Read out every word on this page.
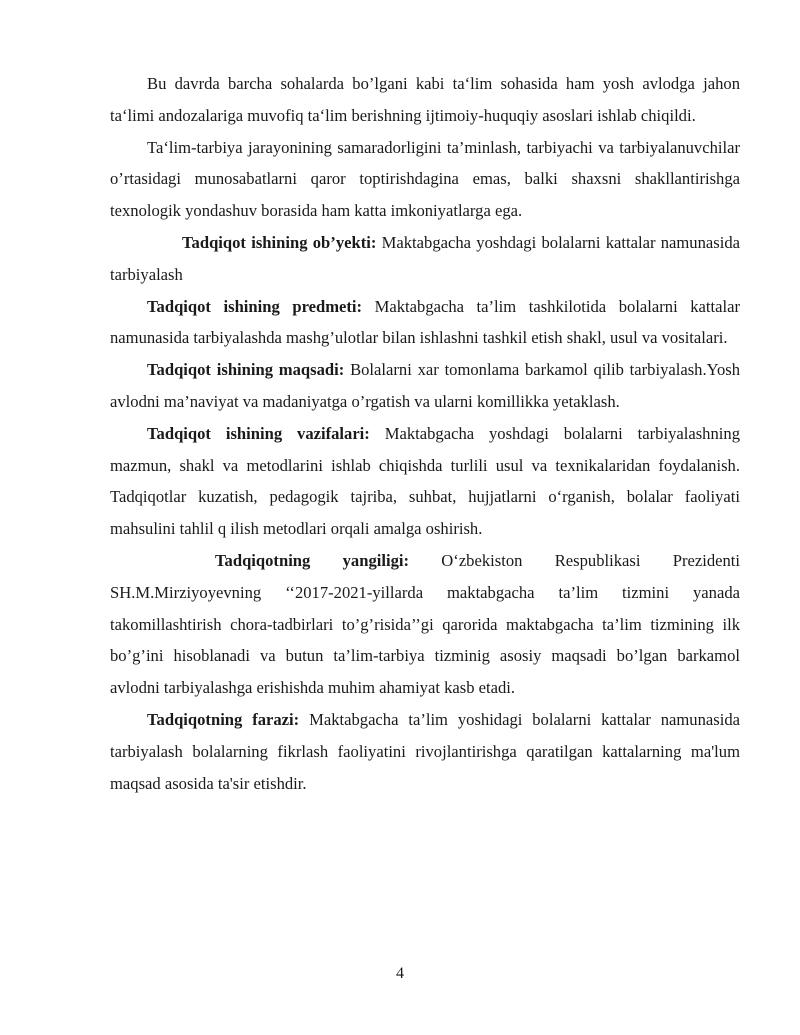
Bu davrda barcha sohalarda bo’lgani kabi ta‘lim sohasida ham yosh avlodga jahon ta‘limi andozalariga muvofiq ta‘lim berishning ijtimoiy-huquqiy asoslari ishlab chiqildi.

Ta‘lim-tarbiya jarayonining samaradorligini ta’minlash, tarbiyachi va tarbiyalanuvchilar o’rtasidagi munosabatlarni qaror toptirishdagina emas, balki shaxsni shakllantirishga texnologik yondashuv borasida ham katta imkoniyatlarga ega.

Tadqiqot ishining ob’yekti: Maktabgacha yoshdagi bolalarni kattalar namunasida tarbiyalash

Tadqiqot ishining predmeti: Maktabgacha ta’lim tashkilotida bolalarni kattalar namunasida tarbiyalashda mashg’ulotlar bilan ishlashni tashkil etish shakl, usul va vositalari.

Tadqiqot ishining maqsadi: Bolalarni xar tomonlama barkamol qilib tarbiyalash.Yosh avlodni ma’naviyat va madaniyatga o’rgatish va ularni komillikka yetaklash.

Tadqiqot ishining vazifalari: Maktabgacha yoshdagi bolalarni tarbiyalashning mazmun, shakl va metodlarini ishlab chiqishda turlili usul va texnikalaridan foydalanish. Tadqiqotlar kuzatish, pedagogik tajriba, suhbat, hujjatlarni o‘rganish, bolalar faoliyati mahsulini tahlil q ilish metodlari orqali amalga oshirish.

Tadqiqotning yangiligi: O‘zbekiston Respublikasi Prezidenti SH.M.Mirziyoyevning ‘‘2017-2021-yillarda maktabgacha ta’lim tizmini yanada takomillashtirish chora-tadbirlari to’g’risida’’gi qarorida maktabgacha ta’lim tizmining ilk bo’g’ini hisoblanadi va butun ta’lim-tarbiya tizminig asosiy maqsadi bo’lgan barkamol avlodni tarbiyalashga erishishda muhim ahamiyat kasb etadi.

Tadqiqotning farazi: Maktabgacha ta’lim yoshidagi bolalarni kattalar namunasida tarbiyalash bolalarning fikrlash faoliyatini rivojlantirishga qaratilgan kattalarning ma'lum maqsad asosida ta'sir etishdir.

4
